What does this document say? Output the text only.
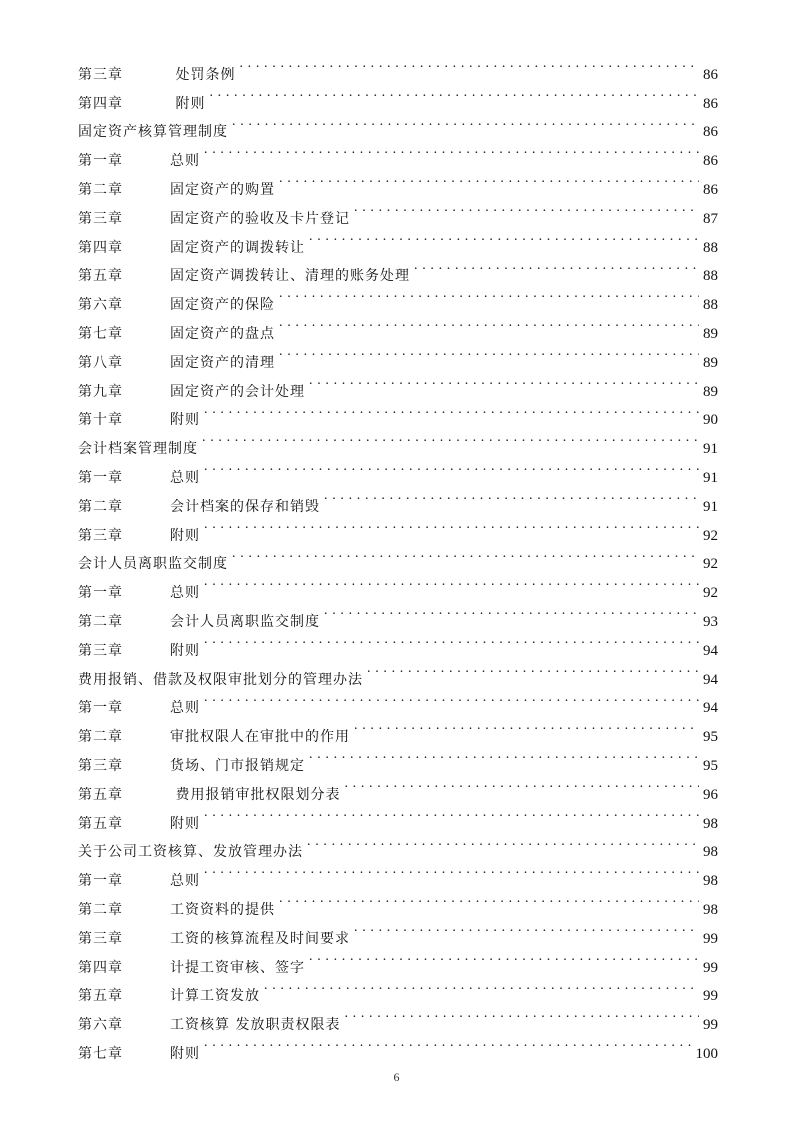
第三章	处罚条例 . . .	86
第四章	附则 . . .	86
固定资产核算管理制度 . . .	86
第一章	总则 . . .	86
第二章	固定资产的购置 . . .	86
第三章	固定资产的验收及卡片登记 . . .	87
第四章	固定资产的调拨转让 . . .	88
第五章	固定资产调拨转让、清理的账务处理 . . .	88
第六章	固定资产的保险 . . .	88
第七章	固定资产的盘点 . . .	89
第八章	固定资产的清理 . . .	89
第九章	固定资产的会计处理 . . .	89
第十章	附则 . . .	90
会计档案管理制度 . . .	91
第一章	总则 . . .	91
第二章	会计档案的保存和销毁 . . .	91
第三章	附则 . . .	92
会计人员离职监交制度 . . .	92
第一章	总则 . . .	92
第二章	会计人员离职监交制度 . . .	93
第三章	附则 . . .	94
费用报销、借款及权限审批划分的管理办法 . . .	94
第一章	总则 . . .	94
第二章	审批权限人在审批中的作用 . . .	95
第三章	货场、门市报销规定 . . .	95
第五章	费用报销审批权限划分表 . . .	96
第五章	附则 . . .	98
关于公司工资核算、发放管理办法 . . .	98
第一章	总则 . . .	98
第二章	工资资料的提供 . . .	98
第三章	工资的核算流程及时间要求 . . .	99
第四章	计提工资审核、签字 . . .	99
第五章	计算工资发放 . . .	99
第六章	工资核算 发放职责权限表 . . .	99
第七章	附则 . . .	100
6
